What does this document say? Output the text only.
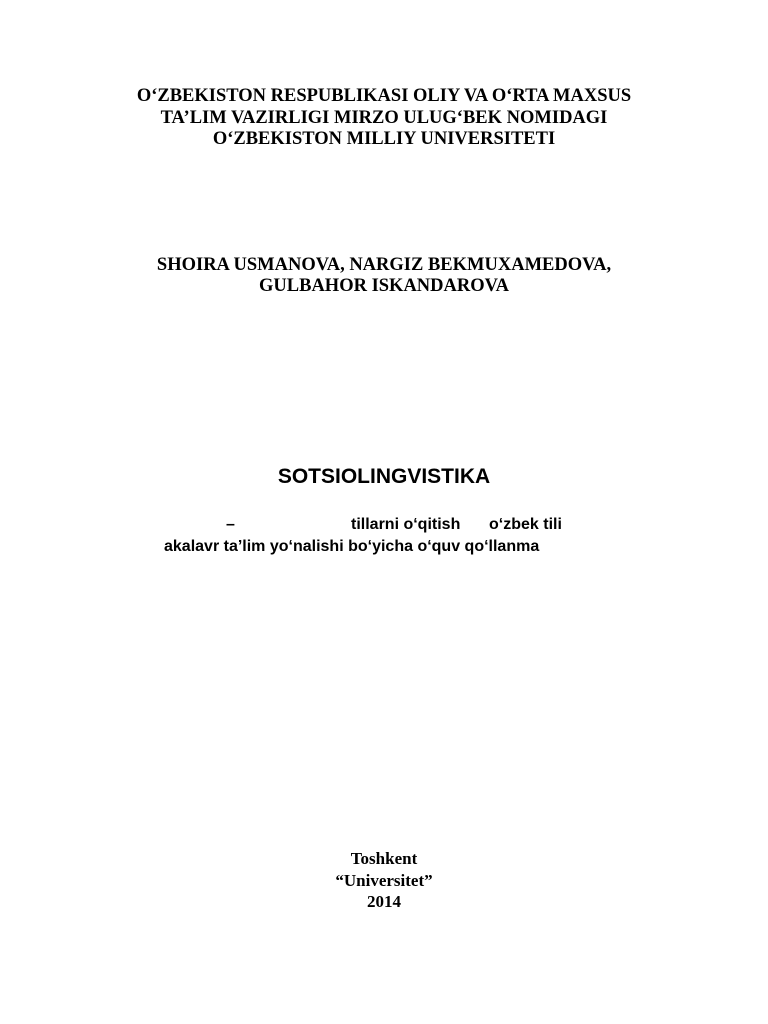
O‘ZBEKISTON RESPUBLIKASI OLIY VA O‘RTA MAXSUS
TA’LIM VAZIRLIGI MIRZO ULUG‘BEK NOMIDAGI
O‘ZBEKISTON MILLIY UNIVERSITETI
SHOIRA USMANOVA, NARGIZ BEKMUXAMEDOVA,
GULBAHOR ISKANDAROVA
SOTSIOLINGVISTIKA
–	tillarni o‘qitish o‘zbek tili
akalavr ta’lim yo‘nalishi bo‘yicha o‘quv qo‘llanma
Toshkent
“Universitet”
2014
